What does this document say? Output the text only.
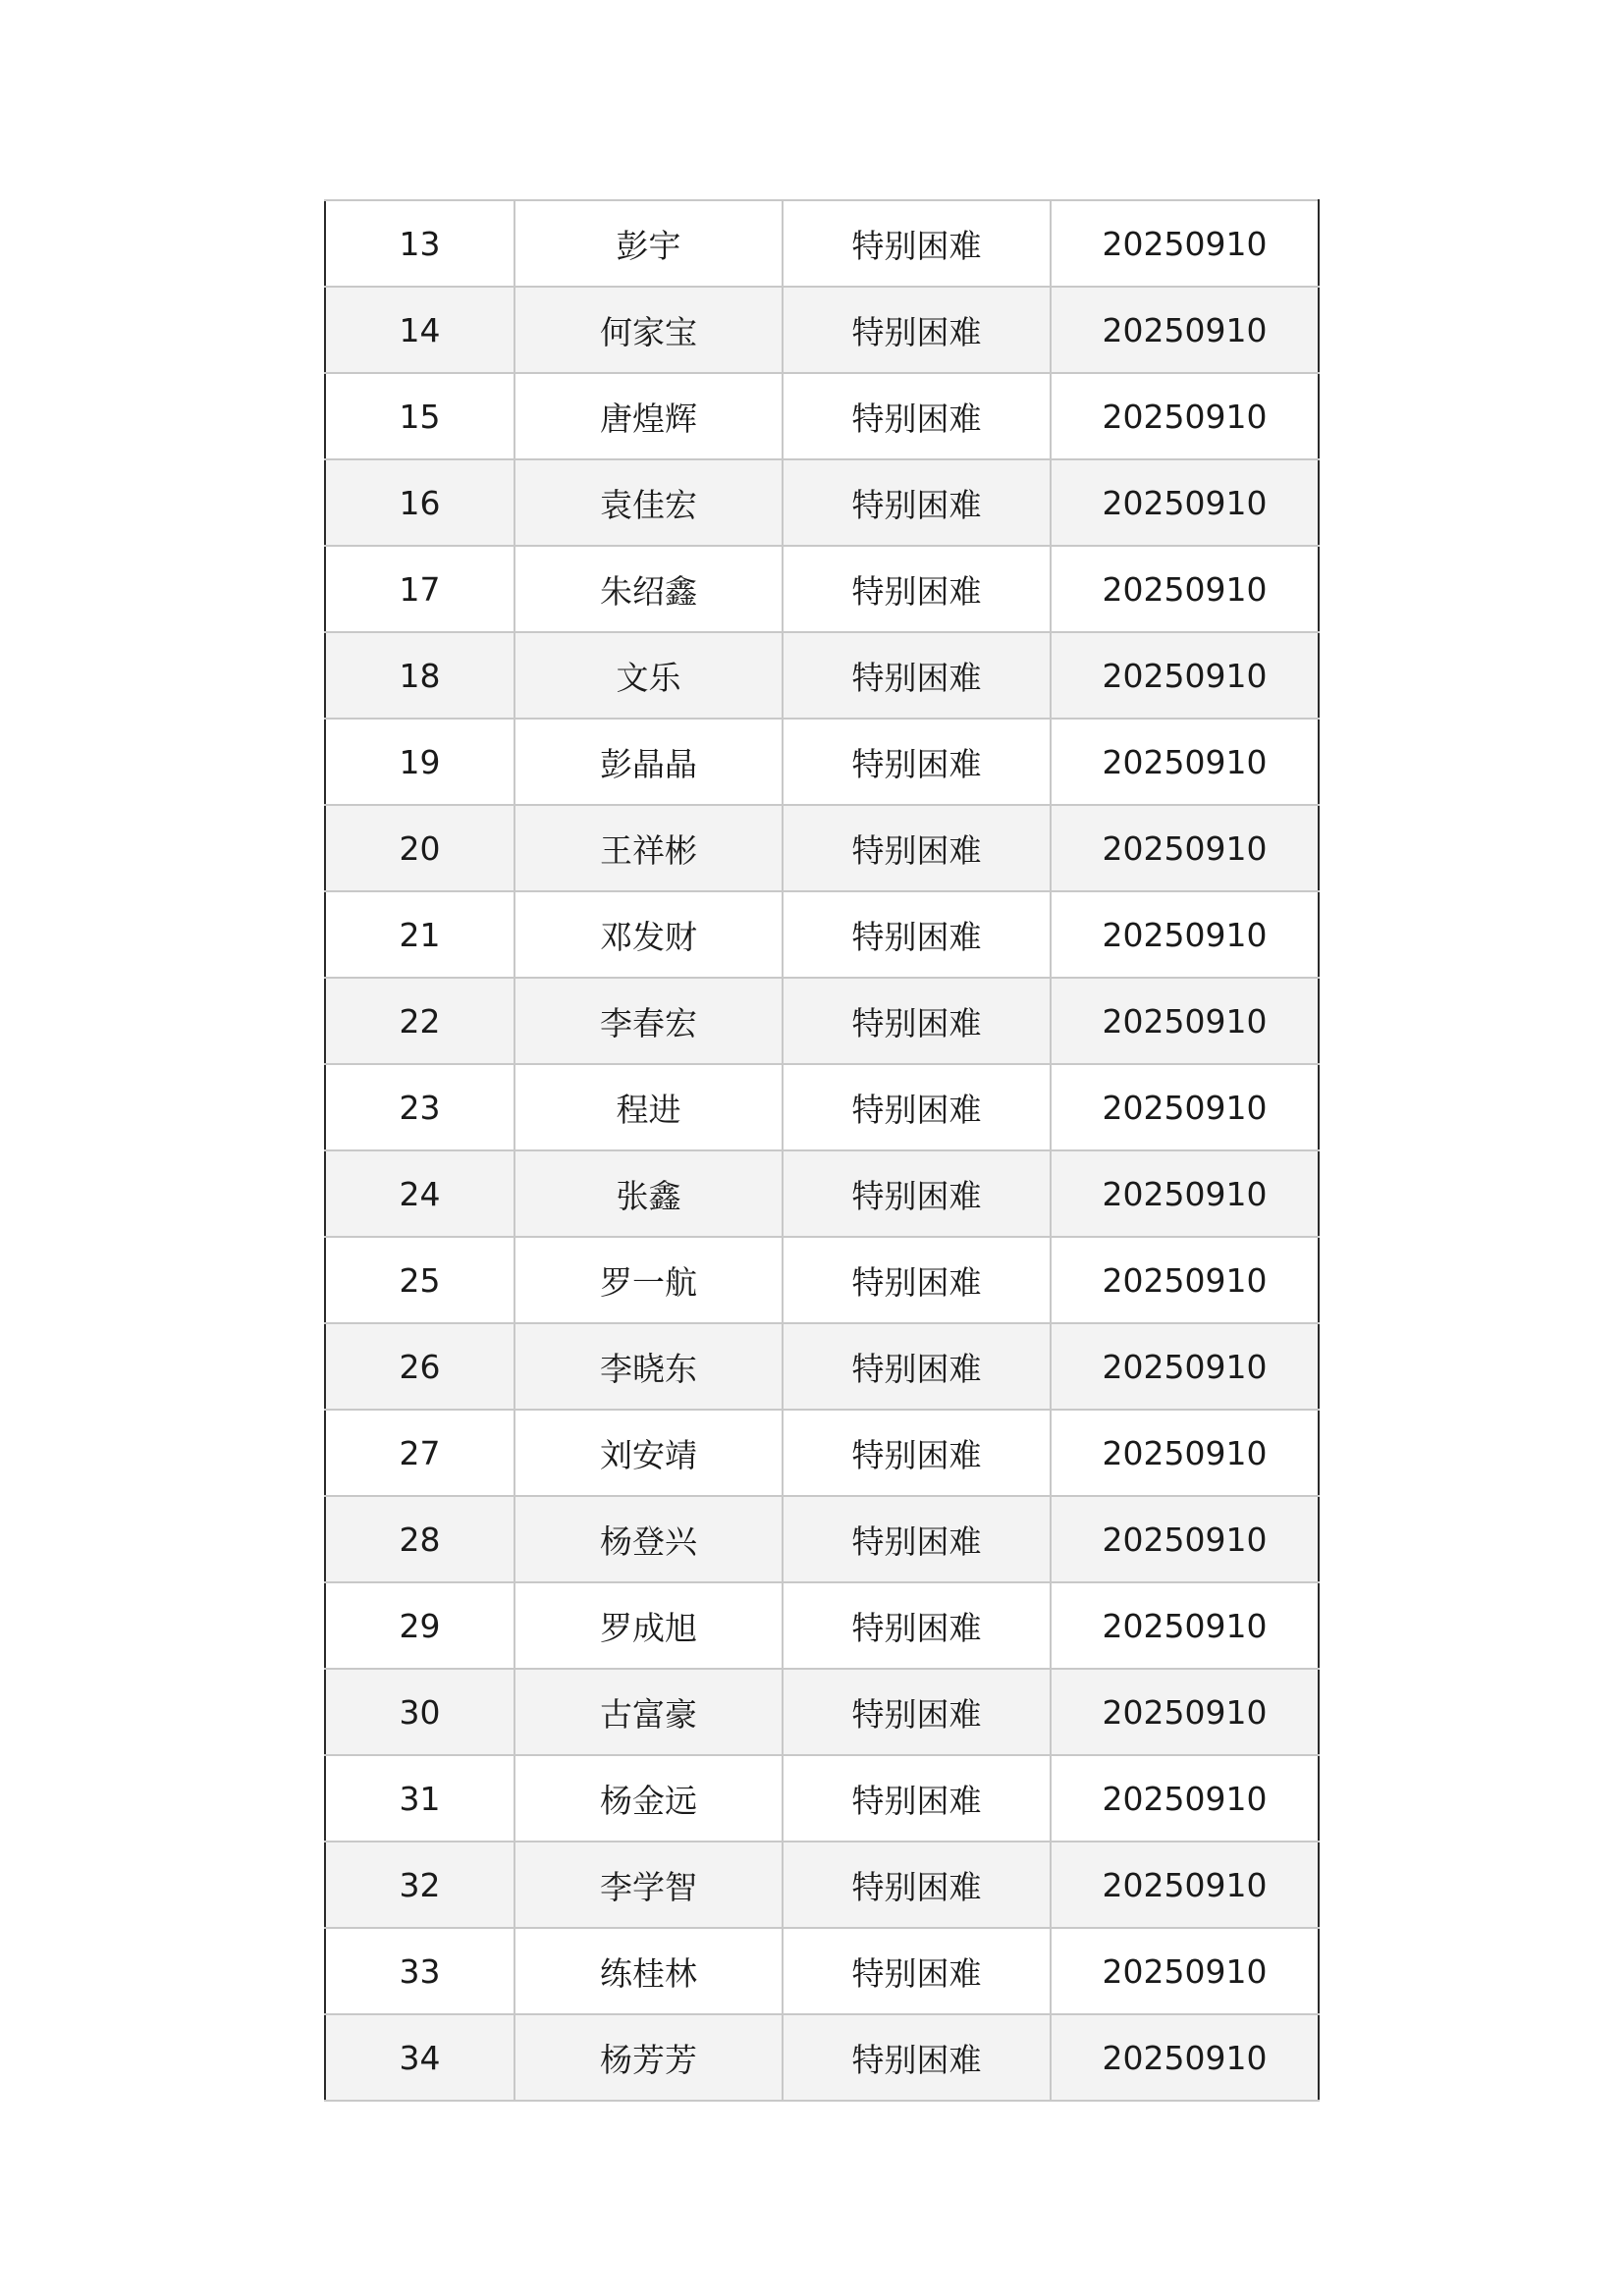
13	彭宇	特别困难	20250910
14	何家宝	特别困难	20250910
15	唐煌辉	特别困难	20250910
16	袁佳宏	特别困难	20250910
17	朱绍鑫	特别困难	20250910
18	文乐	特别困难	20250910
19	彭晶晶	特别困难	20250910
20	王祥彬	特别困难	20250910
21	邓发财	特别困难	20250910
22	李春宏	特别困难	20250910
23	程进	特别困难	20250910
24	张鑫	特别困难	20250910
25	罗一航	特别困难	20250910
26	李晓东	特别困难	20250910
27	刘安靖	特别困难	20250910
28	杨登兴	特别困难	20250910
29	罗成旭	特别困难	20250910
30	古富豪	特别困难	20250910
31	杨金远	特别困难	20250910
32	李学智	特别困难	20250910
33	练桂林	特别困难	20250910
34	杨芳芳	特别困难	20250910
